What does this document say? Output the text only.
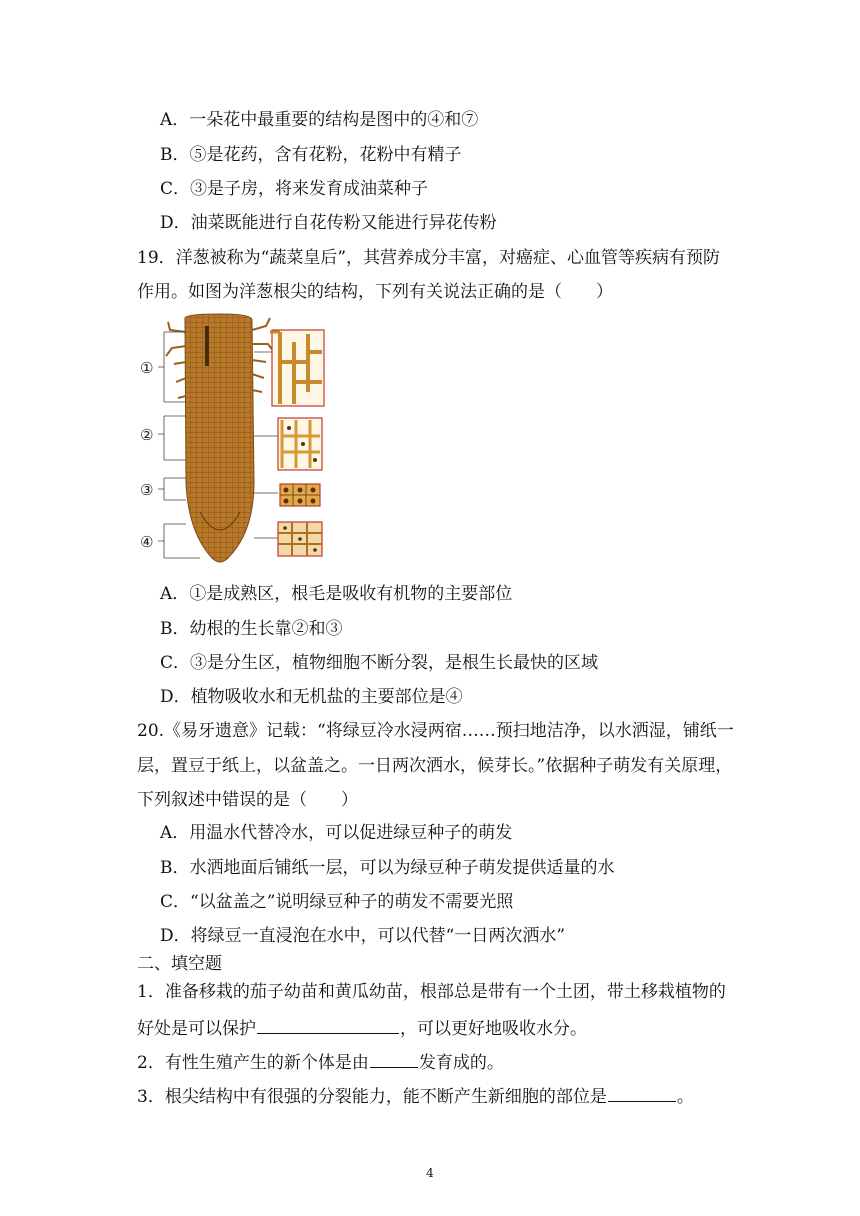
A．一朵花中最重要的结构是图中的④和⑦
B．⑤是花药，含有花粉，花粉中有精子
C．③是子房，将来发育成油菜种子
D．油菜既能进行自花传粉又能进行异花传粉
19．洋葱被称为“蔬菜皇后”，其营养成分丰富，对癌症、心血管等疾病有预防
作用。如图为洋葱根尖的结构，下列有关说法正确的是（　　）
①
②
③
④
A．①是成熟区，根毛是吸收有机物的主要部位
B．幼根的生长靠②和③
C．③是分生区，植物细胞不断分裂，是根生长最快的区域
D．植物吸收水和无机盐的主要部位是④
20.《易牙遗意》记载：“将绿豆冷水浸两宿……预扫地洁净，以水洒湿，铺纸一
层，置豆于纸上，以盆盖之。一日两次洒水，候芽长。”依据种子萌发有关原理，
下列叙述中错误的是（　　）
A．用温水代替冷水，可以促进绿豆种子的萌发
B．水洒地面后铺纸一层，可以为绿豆种子萌发提供适量的水
C．“以盆盖之”说明绿豆种子的萌发不需要光照
D．将绿豆一直浸泡在水中，可以代替“一日两次洒水”
二、填空题
1．准备移栽的茄子幼苗和黄瓜幼苗，根部总是带有一个土团，带土移栽植物的
好处是可以保护	，可以更好地吸收水分。
2．有性生殖产生的新个体是由	发育成的。
3．根尖结构中有很强的分裂能力，能不断产生新细胞的部位是	。
4
